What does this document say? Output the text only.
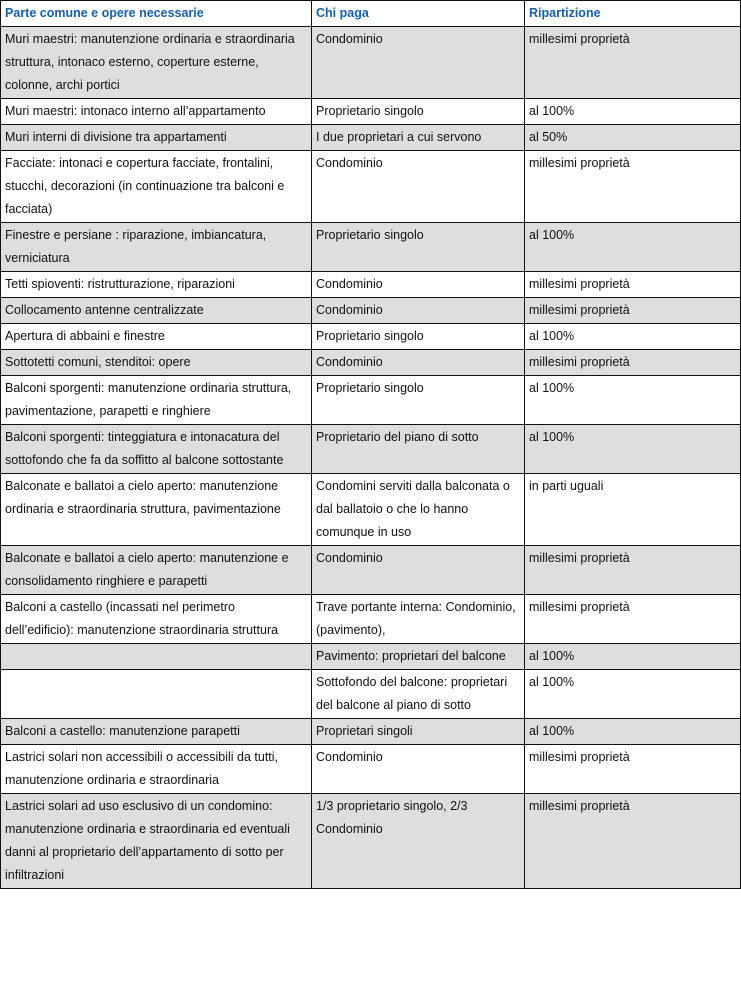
Parte comune e opere necessarie	Chi paga	Ripartizione
Muri maestri: manutenzione ordinaria e straordinaria struttura, intonaco esterno, coperture esterne, colonne, archi portici	Condominio	millesimi proprietà
Muri maestri: intonaco interno all’appartamento	Proprietario singolo	al 100%
Muri interni di divisione tra appartamenti	I due proprietari a cui servono	al 50%
Facciate: intonaci e copertura facciate, frontalini, stucchi, decorazioni (in continuazione tra balconi e facciata)	Condominio	millesimi proprietà
Finestre e persiane : riparazione, imbiancatura, verniciatura	Proprietario singolo	al 100%
Tetti spioventi: ristrutturazione, riparazioni	Condominio	millesimi proprietà
Collocamento antenne centralizzate	Condominio	millesimi proprietà
Apertura di abbaini e finestre	Proprietario singolo	al 100%
Sottotetti comuni, stenditoi: opere	Condominio	millesimi proprietà
Balconi sporgenti: manutenzione ordinaria struttura, pavimentazione, parapetti e ringhiere	Proprietario singolo	al 100%
Balconi sporgenti: tinteggiatura e intonacatura del sottofondo che fa da soffitto al balcone sottostante	Proprietario del piano di sotto	al 100%
Balconate e ballatoi a cielo aperto: manutenzione ordinaria e straordinaria struttura, pavimentazione	Condomini serviti dalla balconata o dal ballatoio o che lo hanno comunque in uso	in parti uguali
Balconate e ballatoi a cielo aperto: manutenzione e consolidamento ringhiere e parapetti	Condominio	millesimi proprietà
Balconi a castello (incassati nel perimetro dell’edificio): manutenzione straordinaria struttura	Trave portante interna: Condominio, (pavimento),	millesimi proprietà
	Pavimento: proprietari del balcone	al 100%
	Sottofondo del balcone: proprietari del balcone al piano di sotto	al 100%
Balconi a castello: manutenzione parapetti	Proprietari singoli	al 100%
Lastrici solari non accessibili o accessibili da tutti, manutenzione ordinaria e straordinaria	Condominio	millesimi proprietà
Lastrici solari ad uso esclusivo di un condomino: manutenzione ordinaria e straordinaria ed eventuali danni al proprietario dell’appartamento di sotto per infiltrazioni	1/3 proprietario singolo, 2/3 Condominio	millesimi proprietà
